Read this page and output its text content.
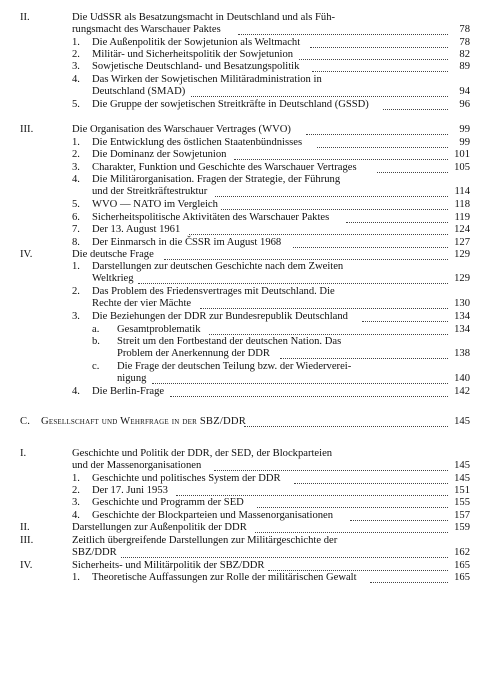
II.	Die UdSSR als Besatzungsmacht in Deutschland und als Füh-
rungsmacht des Warschauer Paktes	78
1. Die Außenpolitik der Sowjetunion als Weltmacht	78
2. Militär- und Sicherheitspolitik der Sowjetunion	82
3. Sowjetische Deutschland- und Besatzungspolitik	89
4. Das Wirken der Sowjetischen Militäradministration in
Deutschland (SMAD)	94
5. Die Gruppe der sowjetischen Streitkräfte in Deutschland (GSSD)	96
III.	Die Organisation des Warschauer Vertrages (WVO)	99
1. Die Entwicklung des östlichen Staatenbündnisses	99
2. Die Dominanz der Sowjetunion	101
3. Charakter, Funktion und Geschichte des Warschauer Vertrages	105
4. Die Militärorganisation. Fragen der Strategie, der Führung
und der Streitkräftestruktur	114
5. WVO — NATO im Vergleich	118
6. Sicherheitspolitische Aktivitäten des Warschauer Paktes	119
7. Der 13. August 1961	124
8. Der Einmarsch in die ČSSR im August 1968	127
IV.	Die deutsche Frage	129
1. Darstellungen zur deutschen Geschichte nach dem Zweiten
Weltkrieg	129
2. Das Problem des Friedensvertrages mit Deutschland. Die
Rechte der vier Mächte	130
3. Die Beziehungen der DDR zur Bundesrepublik Deutschland	134
a. Gesamtproblematik	134
b. Streit um den Fortbestand der deutschen Nation. Das
Problem der Anerkennung der DDR	138
c. Die Frage der deutschen Teilung bzw. der Wiederverei-
nigung	140
4. Die Berlin-Frage	142
C. Gesellschaft und Wehrfrage in der SBZ/DDR	145
I.	Geschichte und Politik der DDR, der SED, der Blockparteien
und der Massenorganisationen	145
1. Geschichte und politisches System der DDR	145
2. Der 17. Juni 1953	151
3. Geschichte und Programm der SED	155
4. Geschichte der Blockparteien und Massenorganisationen	157
II.	Darstellungen zur Außenpolitik der DDR	159
III.	Zeitlich übergreifende Darstellungen zur Militärgeschichte der
SBZ/DDR	162
IV.	Sicherheits- und Militärpolitik der SBZ/DDR	165
1. Theoretische Auffassungen zur Rolle der militärischen Gewalt	165
